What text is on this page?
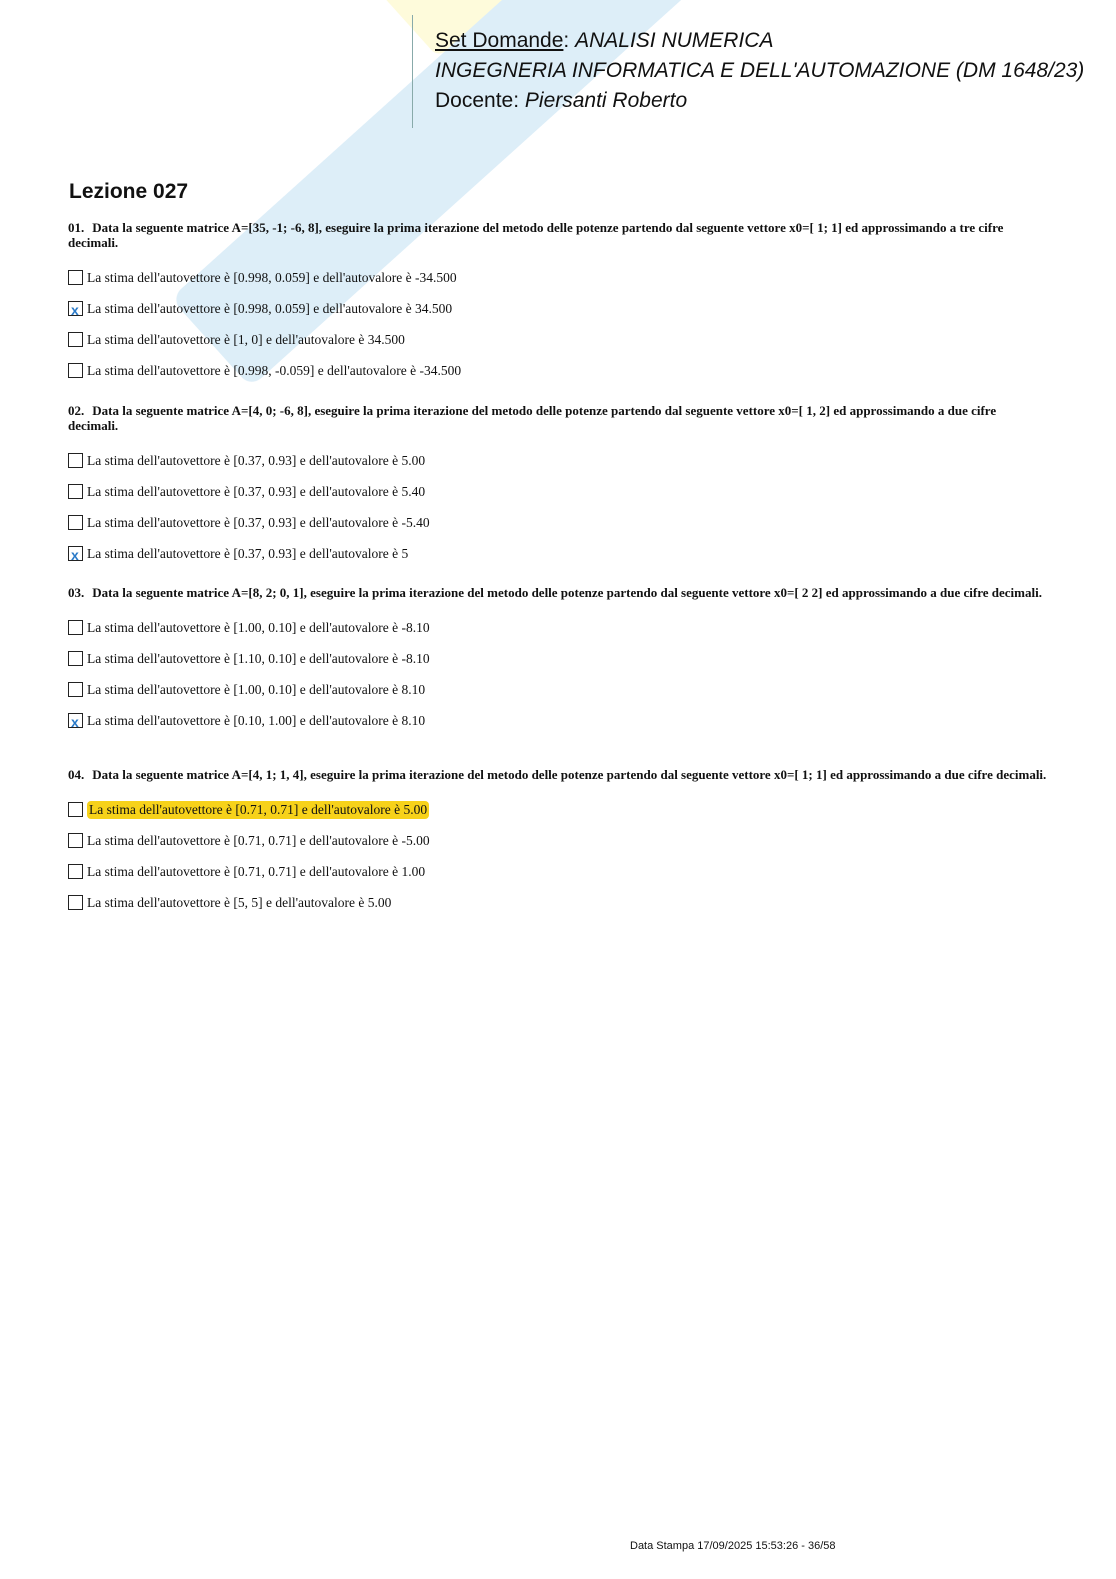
Set Domande: ANALISI NUMERICA
INGEGNERIA INFORMATICA E DELL'AUTOMAZIONE (DM 1648/23)
Docente: Piersanti Roberto
Lezione 027
01. Data la seguente matrice A=[35, -1; -6, 8], eseguire la prima iterazione del metodo delle potenze partendo dal seguente vettore x0=[ 1; 1] ed approssimando a tre cifre decimali.
La stima dell'autovettore è [0.998, 0.059] e dell'autovalore è -34.500
x La stima dell'autovettore è [0.998, 0.059] e dell'autovalore è 34.500
La stima dell'autovettore è [1, 0] e dell'autovalore è 34.500
La stima dell'autovettore è [0.998, -0.059] e dell'autovalore è -34.500
02. Data la seguente matrice A=[4, 0; -6, 8], eseguire la prima iterazione del metodo delle potenze partendo dal seguente vettore x0=[ 1, 2] ed approssimando a due cifre decimali.
La stima dell'autovettore è [0.37, 0.93] e dell'autovalore è 5.00
La stima dell'autovettore è [0.37, 0.93] e dell'autovalore è 5.40
La stima dell'autovettore è [0.37, 0.93] e dell'autovalore è -5.40
x La stima dell'autovettore è [0.37, 0.93] e dell'autovalore è 5
03. Data la seguente matrice A=[8, 2; 0, 1], eseguire la prima iterazione del metodo delle potenze partendo dal seguente vettore x0=[ 2 2] ed approssimando a due cifre decimali.
La stima dell'autovettore è [1.00, 0.10] e dell'autovalore è -8.10
La stima dell'autovettore è [1.10, 0.10] e dell'autovalore è -8.10
La stima dell'autovettore è [1.00, 0.10] e dell'autovalore è 8.10
x La stima dell'autovettore è [0.10, 1.00] e dell'autovalore è 8.10
04. Data la seguente matrice A=[4, 1; 1, 4], eseguire la prima iterazione del metodo delle potenze partendo dal seguente vettore x0=[ 1; 1] ed approssimando a due cifre decimali.
La stima dell'autovettore è [0.71, 0.71] e dell'autovalore è 5.00
La stima dell'autovettore è [0.71, 0.71] e dell'autovalore è -5.00
La stima dell'autovettore è [0.71, 0.71] e dell'autovalore è 1.00
La stima dell'autovettore è [5, 5] e dell'autovalore è 5.00
Data Stampa 17/09/2025 15:53:26 - 36/58
